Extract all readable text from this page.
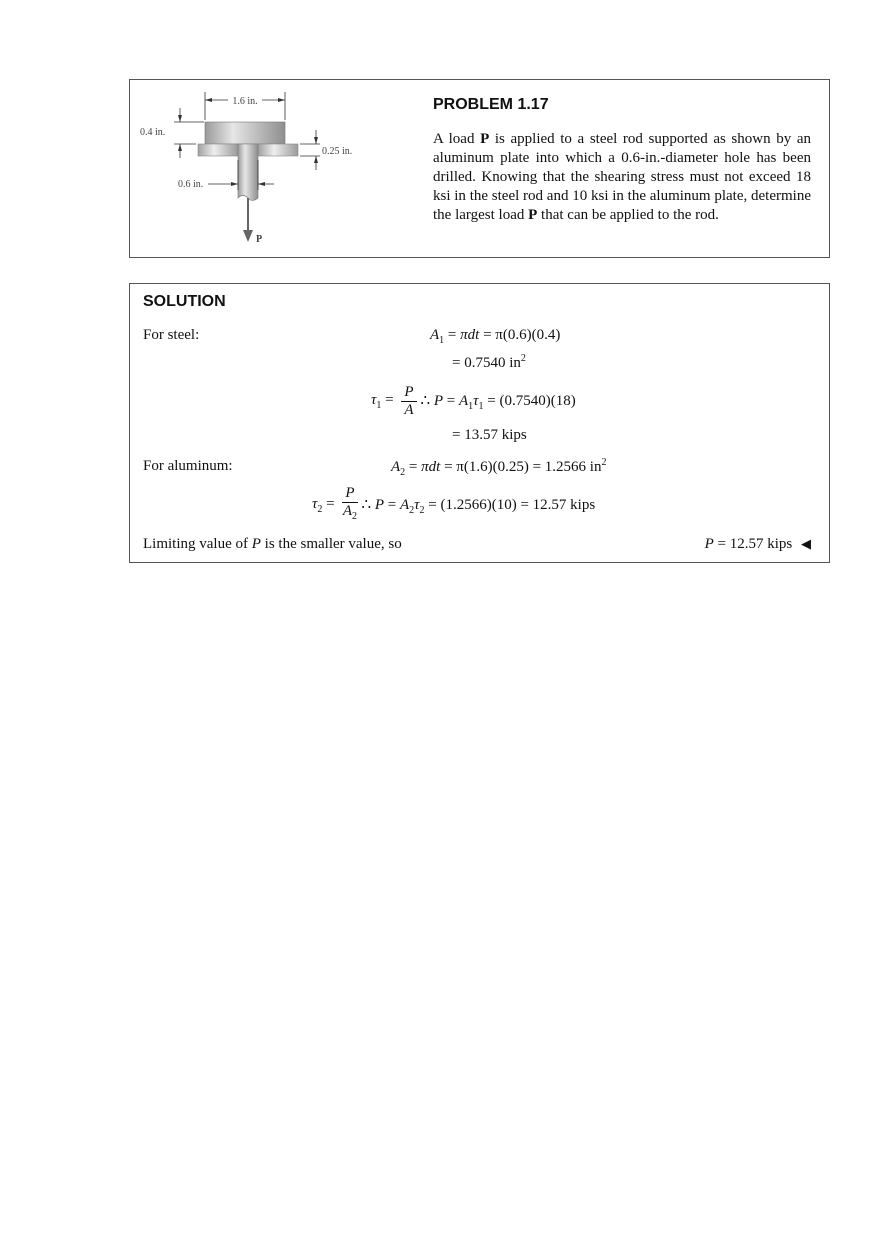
1.6 in.
P
0.4 in.
0.25 in.
0.6 in.
PROBLEM 1.17
A load P is applied to a steel rod supported as shown by an aluminum plate into which a 0.6-in.-diameter hole has been drilled. Knowing that the shearing stress must not exceed 18 ksi in the steel rod and 10 ksi in the aluminum plate, determine the largest load P that can be applied to the rod.
SOLUTION
For steel:	$A_1 = \pi dt = \pi(0.6)(0.4)$
= 0.7540 $in^2$
$\tau_1 = \frac{P}{A}$ ∴ $P = A_1\tau_1 = (0.7540)(18)$
= 13.57 kips
For aluminum:	$A_2 = \pi dt = \pi(1.6)(0.25) = 1.2566$ $in^2$
$\tau_2 = \frac{P}{A_2}$ ∴ $P = A_2\tau_2 = (1.2566)(10) = 12.57$ kips
Limiting value of P is the smaller value, so	P = 12.57 kips ◀
